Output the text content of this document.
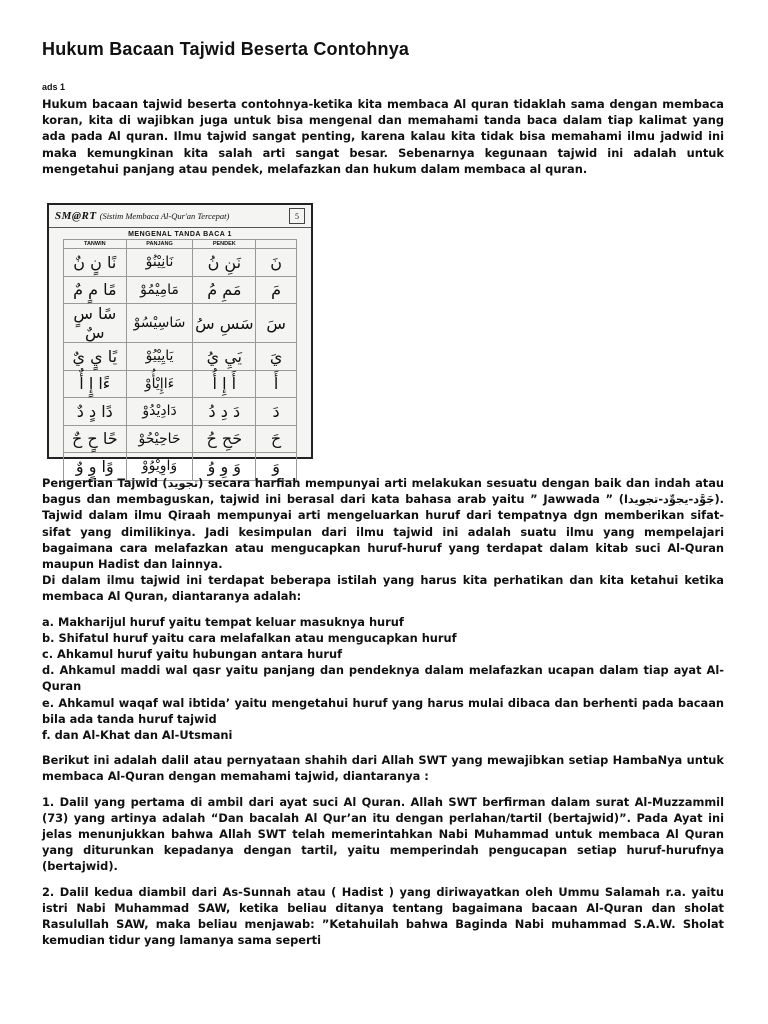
Hukum Bacaan Tajwid Beserta Contohnya
ads 1

Hukum bacaan tajwid beserta contohnya-ketika kita membaca Al quran tidaklah sama dengan membaca koran, kita di wajibkan juga untuk bisa mengenal dan memahami tanda baca dalam tiap kalimat yang ada pada Al quran. Ilmu tajwid sangat penting, karena kalau kita tidak bisa memahami ilmu jadwid ini maka kemungkinan kita salah arti sangat besar. Sebenarnya kegunaan tajwid ini adalah untuk mengetahui panjang atau pendek, melafazkan dan hukum dalam membaca al quran.

SM@RT (Sistim Membaca Al-Qur'an Tercepat)	5
MENGENAL TANDA BACA 1
TANWIN	PANJANG	PENDEK	
نًا نٍ نٌ	نَانِيْنُوْ	نَنِ نُ	نَ
مًا مٍ مٌ	مَامِيْمُوْ	مَمِ مُ	مَ
سًا سٍ سٌ	سَاسِيْسُوْ	سَسِ سُ	سَ
يًا يٍ يٌ	يَايِيْيُوْ	يَيِ يُ	يَ
ءًا إٍ أٌ	ءَاإِيْأُوْ	أَ إِ أُ	أَ
دًا دٍ دٌ	دَادِيْدُوْ	دَ دِ دُ	دَ
حًا حٍ حٌ	حَاحِيْحُوْ	حَحِ حُ	حَ
وًا وٍ وٌ	وَاوِيْوُوْ	وَ وِ وُ	وَ

Pengertian Tajwid (تجويد) secara harfiah mempunyai arti melakukan sesuatu dengan baik dan indah atau bagus dan membaguskan, tajwid ini berasal dari kata bahasa arab yaitu ” Jawwada ” (جَوَّد-يجوِّد-تجويدا). Tajwid dalam ilmu Qiraah mempunyai arti mengeluarkan huruf dari tempatnya dgn memberikan sifat-sifat yang dimilikinya. Jadi kesimpulan dari ilmu tajwid ini adalah suatu ilmu yang mempelajari bagaimana cara melafazkan atau mengucapkan huruf-huruf yang terdapat dalam kitab suci Al-Quran maupun Hadist dan lainnya.

Di dalam ilmu tajwid ini terdapat beberapa istilah yang harus kita perhatikan dan kita ketahui ketika membaca Al Quran, diantaranya adalah:

a. Makharijul huruf yaitu tempat keluar masuknya huruf

b. Shifatul huruf yaitu cara melafalkan atau mengucapkan huruf

c. Ahkamul huruf yaitu hubungan antara huruf

d. Ahkamul maddi wal qasr yaitu panjang dan pendeknya dalam melafazkan ucapan dalam tiap ayat Al-Quran

e. Ahkamul waqaf wal ibtida’ yaitu mengetahui huruf yang harus mulai dibaca dan berhenti pada bacaan bila ada tanda huruf tajwid

f. dan Al-Khat dan Al-Utsmani

Berikut ini adalah dalil atau pernyataan shahih dari Allah SWT yang mewajibkan setiap HambaNya untuk membaca Al-Quran dengan memahami tajwid, diantaranya :

1. Dalil yang pertama di ambil dari ayat suci Al Quran. Allah SWT berfirman dalam surat Al-Muzzammil (73) yang artinya adalah “Dan bacalah Al Qur’an itu dengan perlahan/tartil (bertajwid)”. Pada Ayat ini jelas menunjukkan bahwa Allah SWT telah memerintahkan Nabi Muhammad untuk membaca Al Quran yang diturunkan kepadanya dengan tartil, yaitu memperindah pengucapan setiap huruf-hurufnya (bertajwid).

2. Dalil kedua diambil dari As-Sunnah atau ( Hadist ) yang diriwayatkan oleh Ummu Salamah r.a. yaitu istri Nabi Muhammad SAW, ketika beliau ditanya tentang bagaimana bacaan Al-Quran dan sholat Rasulullah SAW, maka beliau menjawab: ”Ketahuilah bahwa Baginda Nabi muhammad S.A.W. Sholat kemudian tidur yang lamanya sama seperti
